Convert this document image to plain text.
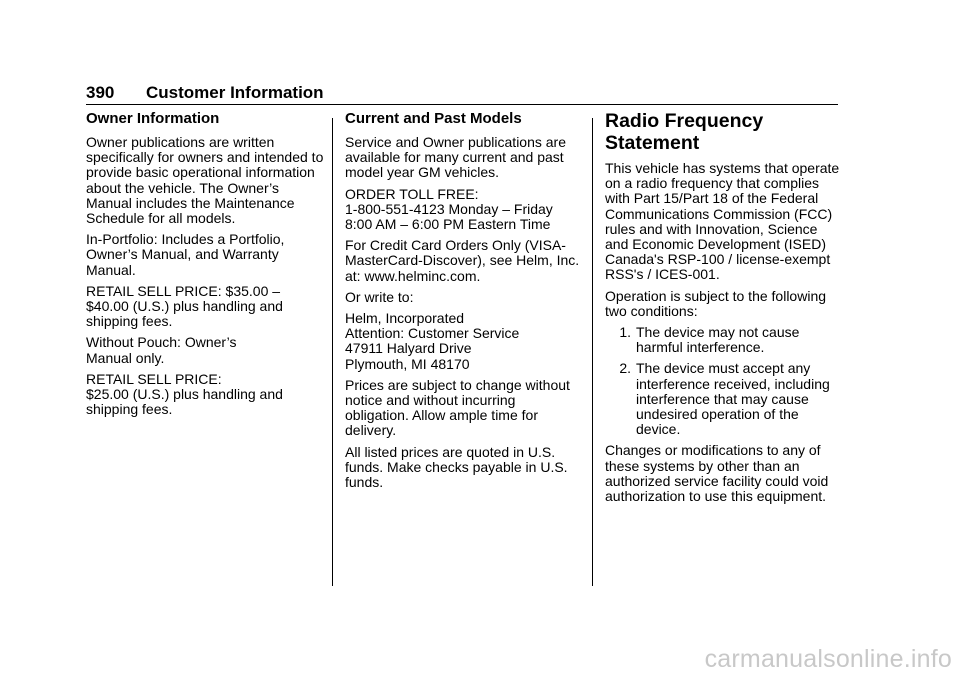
390 Customer Information
Owner Information

Owner publications are written specifically for owners and intended to provide basic operational information about the vehicle. The Owner’s Manual includes the Maintenance Schedule for all models.

In-Portfolio: Includes a Portfolio, Owner’s Manual, and Warranty Manual.

RETAIL SELL PRICE: $35.00 –
$40.00 (U.S.) plus handling and shipping fees.

Without Pouch: Owner’s
Manual only.

RETAIL SELL PRICE:
$25.00 (U.S.) plus handling and shipping fees.

Current and Past Models

Service and Owner publications are available for many current and past model year GM vehicles.

ORDER TOLL FREE:
1-800-551-4123 Monday – Friday
8:00 AM – 6:00 PM Eastern Time

For Credit Card Orders Only (VISA-MasterCard-Discover), see Helm, Inc. at: www.helminc.com.

Or write to:

Helm, Incorporated
Attention: Customer Service
47911 Halyard Drive
Plymouth, MI 48170

Prices are subject to change without notice and without incurring obligation. Allow ample time for delivery.

All listed prices are quoted in U.S. funds. Make checks payable in U.S. funds.

Radio Frequency
Statement

This vehicle has systems that operate on a radio frequency that complies with Part 15/Part 18 of the Federal Communications Commission (FCC) rules and with Innovation, Science and Economic Development (ISED) Canada's RSP-100 / license-exempt RSS's / ICES-001.

Operation is subject to the following two conditions:

1. The device may not cause harmful interference.
2. The device must accept any interference received, including interference that may cause undesired operation of the device.

Changes or modifications to any of these systems by other than an authorized service facility could void authorization to use this equipment.

carmanualsonline.info
